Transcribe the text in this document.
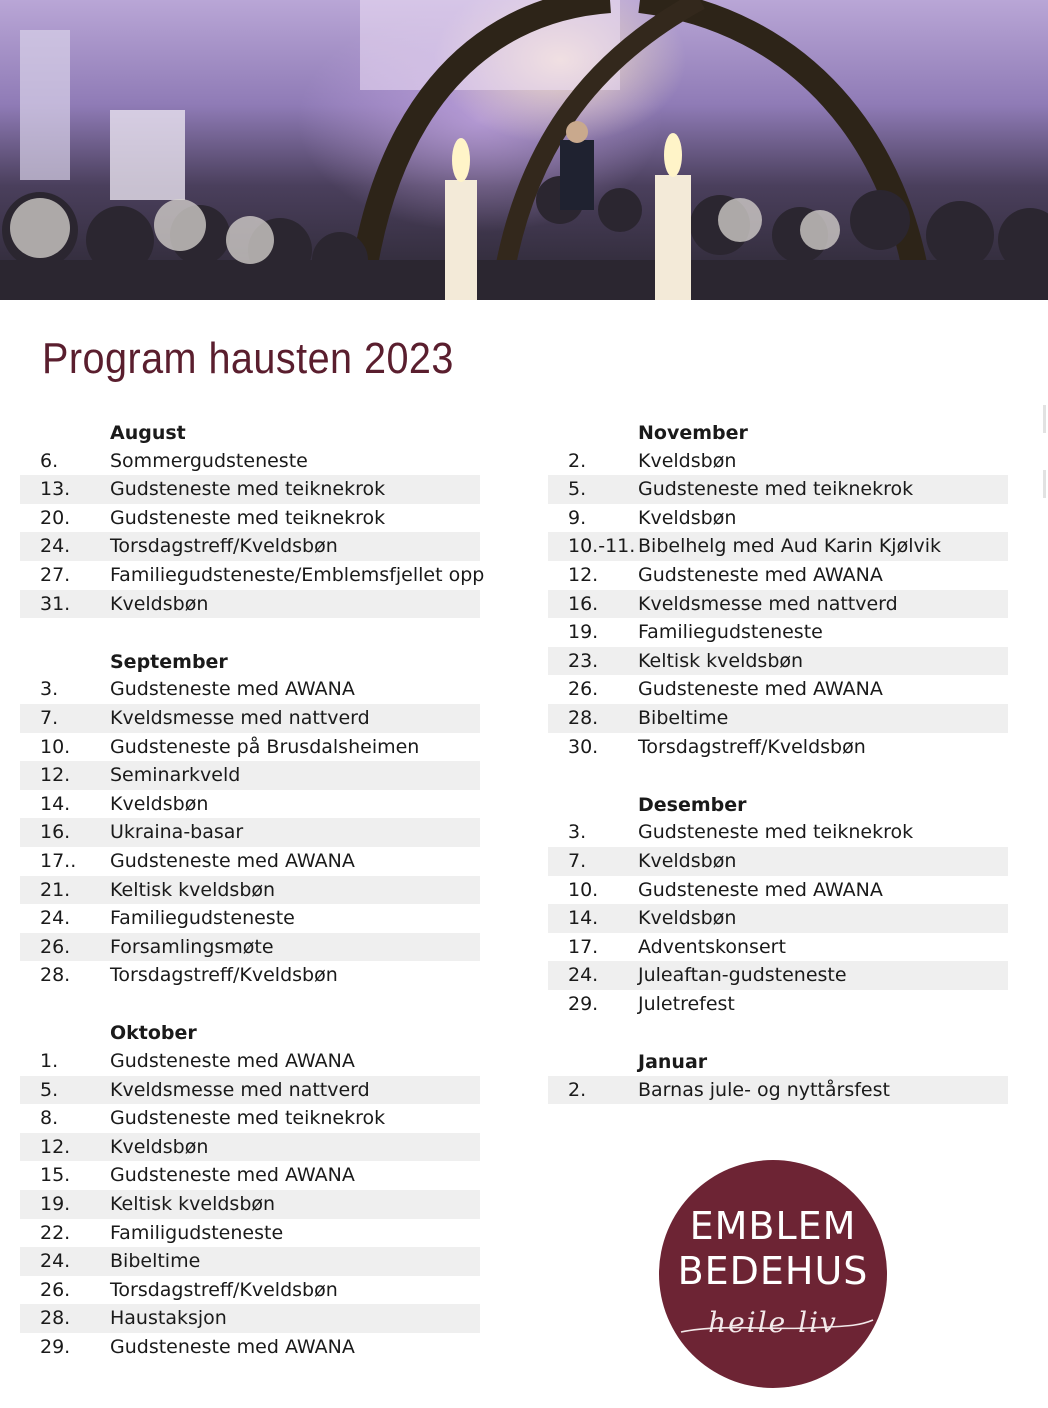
Program hausten 2023
August
6.	Sommergudsteneste
13.	Gudsteneste med teiknekrok
20.	Gudsteneste med teiknekrok
24.	Torsdagstreff/Kveldsbøn
27.	Familiegudsteneste/Emblemsfjellet opp
31.	Kveldsbøn
September
3.	Gudsteneste med AWANA
7.	Kveldsmesse med nattverd
10.	Gudsteneste på Brusdalsheimen
12.	Seminarkveld
14.	Kveldsbøn
16.	Ukraina-basar
17..	Gudsteneste med AWANA
21.	Keltisk kveldsbøn
24.	Familiegudsteneste
26.	Forsamlingsmøte
28.	Torsdagstreff/Kveldsbøn
Oktober
1.	Gudsteneste med AWANA
5.	Kveldsmesse med nattverd
8.	Gudsteneste med teiknekrok
12.	Kveldsbøn
15.	Gudsteneste med AWANA
19.	Keltisk kveldsbøn
22.	Familigudsteneste
24.	Bibeltime
26.	Torsdagstreff/Kveldsbøn
28.	Haustaksjon
29.	Gudsteneste med AWANA
November
2.	Kveldsbøn
5.	Gudsteneste med teiknekrok
9.	Kveldsbøn
10.-11. Bibelhelg med Aud Karin Kjølvik
12.	Gudsteneste med AWANA
16.	Kveldsmesse med nattverd
19.	Familiegudsteneste
23.	Keltisk kveldsbøn
26.	Gudsteneste med AWANA
28.	Bibeltime
30.	Torsdagstreff/Kveldsbøn
Desember
3.	Gudsteneste med teiknekrok
7.	Kveldsbøn
10.	Gudsteneste med AWANA
14.	Kveldsbøn
17.	Adventskonsert
24.	Juleaftan-gudsteneste
29.	Juletrefest
Januar
2.	Barnas jule- og nyttårsfest
EMBLEM
BEDEHUS
heile liv
